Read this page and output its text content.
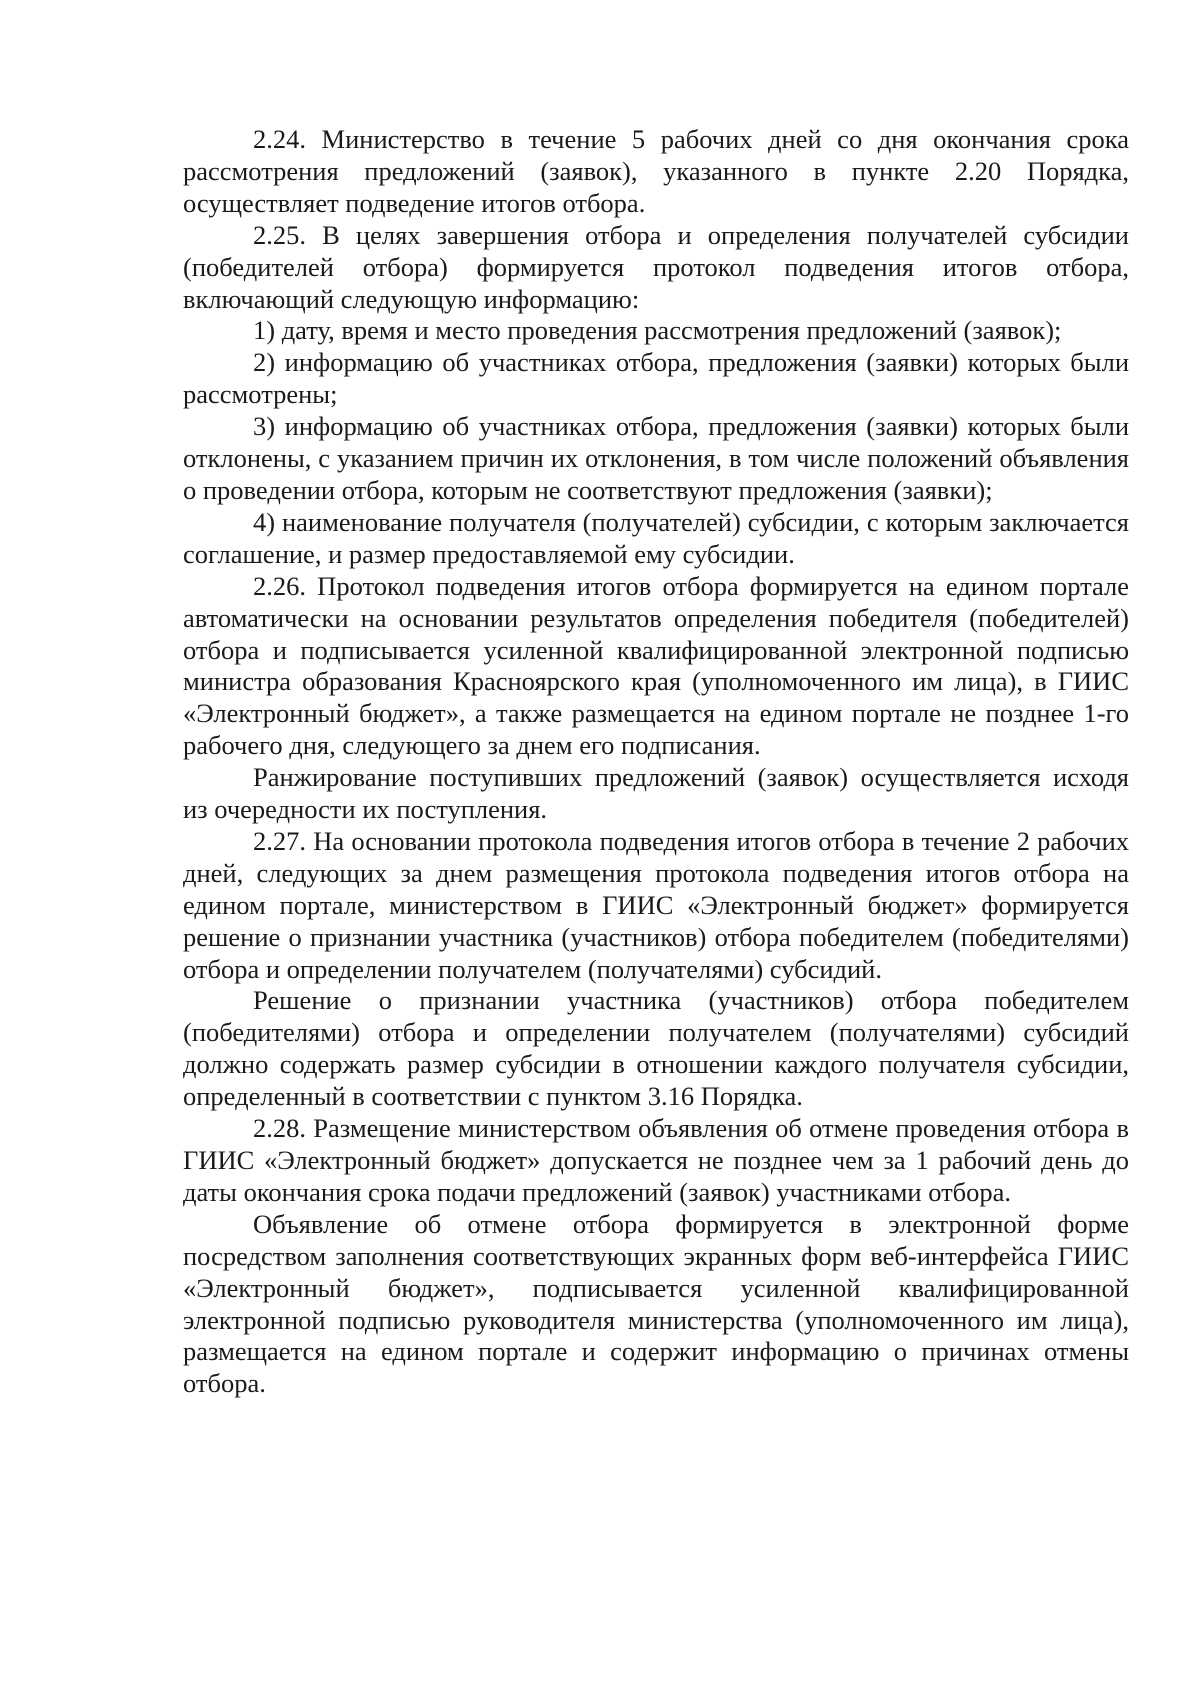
2.24. Министерство в течение 5 рабочих дней со дня окончания срока рассмотрения предложений (заявок), указанного в пункте 2.20 Порядка, осуществляет подведение итогов отбора.

2.25. В целях завершения отбора и определения получателей субсидии (победителей отбора) формируется протокол подведения итогов отбора, включающий следующую информацию:

1) дату, время и место проведения рассмотрения предложений (заявок);

2) информацию об участниках отбора, предложения (заявки) которых были рассмотрены;

3) информацию об участниках отбора, предложения (заявки) которых были отклонены, с указанием причин их отклонения, в том числе положений объявления о проведении отбора, которым не соответствуют предложения (заявки);

4) наименование получателя (получателей) субсидии, с которым заключается соглашение, и размер предоставляемой ему субсидии.

2.26. Протокол подведения итогов отбора формируется на едином портале автоматически на основании результатов определения победителя (победителей) отбора и подписывается усиленной квалифицированной электронной подписью министра образования Красноярского края (уполномоченного им лица), в ГИИС «Электронный бюджет», а также размещается на едином портале не позднее 1-го рабочего дня, следующего за днем его подписания.

Ранжирование поступивших предложений (заявок) осуществляется исходя из очередности их поступления.

2.27. На основании протокола подведения итогов отбора в течение 2 рабочих дней, следующих за днем размещения протокола подведения итогов отбора на едином портале, министерством в ГИИС «Электронный бюджет» формируется решение о признании участника (участников) отбора победителем (победителями) отбора и определении получателем (получателями) субсидий.

Решение о признании участника (участников) отбора победителем (победителями) отбора и определении получателем (получателями) субсидий должно содержать размер субсидии в отношении каждого получателя субсидии, определенный в соответствии с пунктом 3.16 Порядка.

2.28. Размещение министерством объявления об отмене проведения отбора в ГИИС «Электронный бюджет» допускается не позднее чем за 1 рабочий день до даты окончания срока подачи предложений (заявок) участниками отбора.

Объявление об отмене отбора формируется в электронной форме посредством заполнения соответствующих экранных форм веб-интерфейса ГИИС «Электронный бюджет», подписывается усиленной квалифицированной электронной подписью руководителя министерства (уполномоченного им лица), размещается на едином портале и содержит информацию о причинах отмены отбора.
